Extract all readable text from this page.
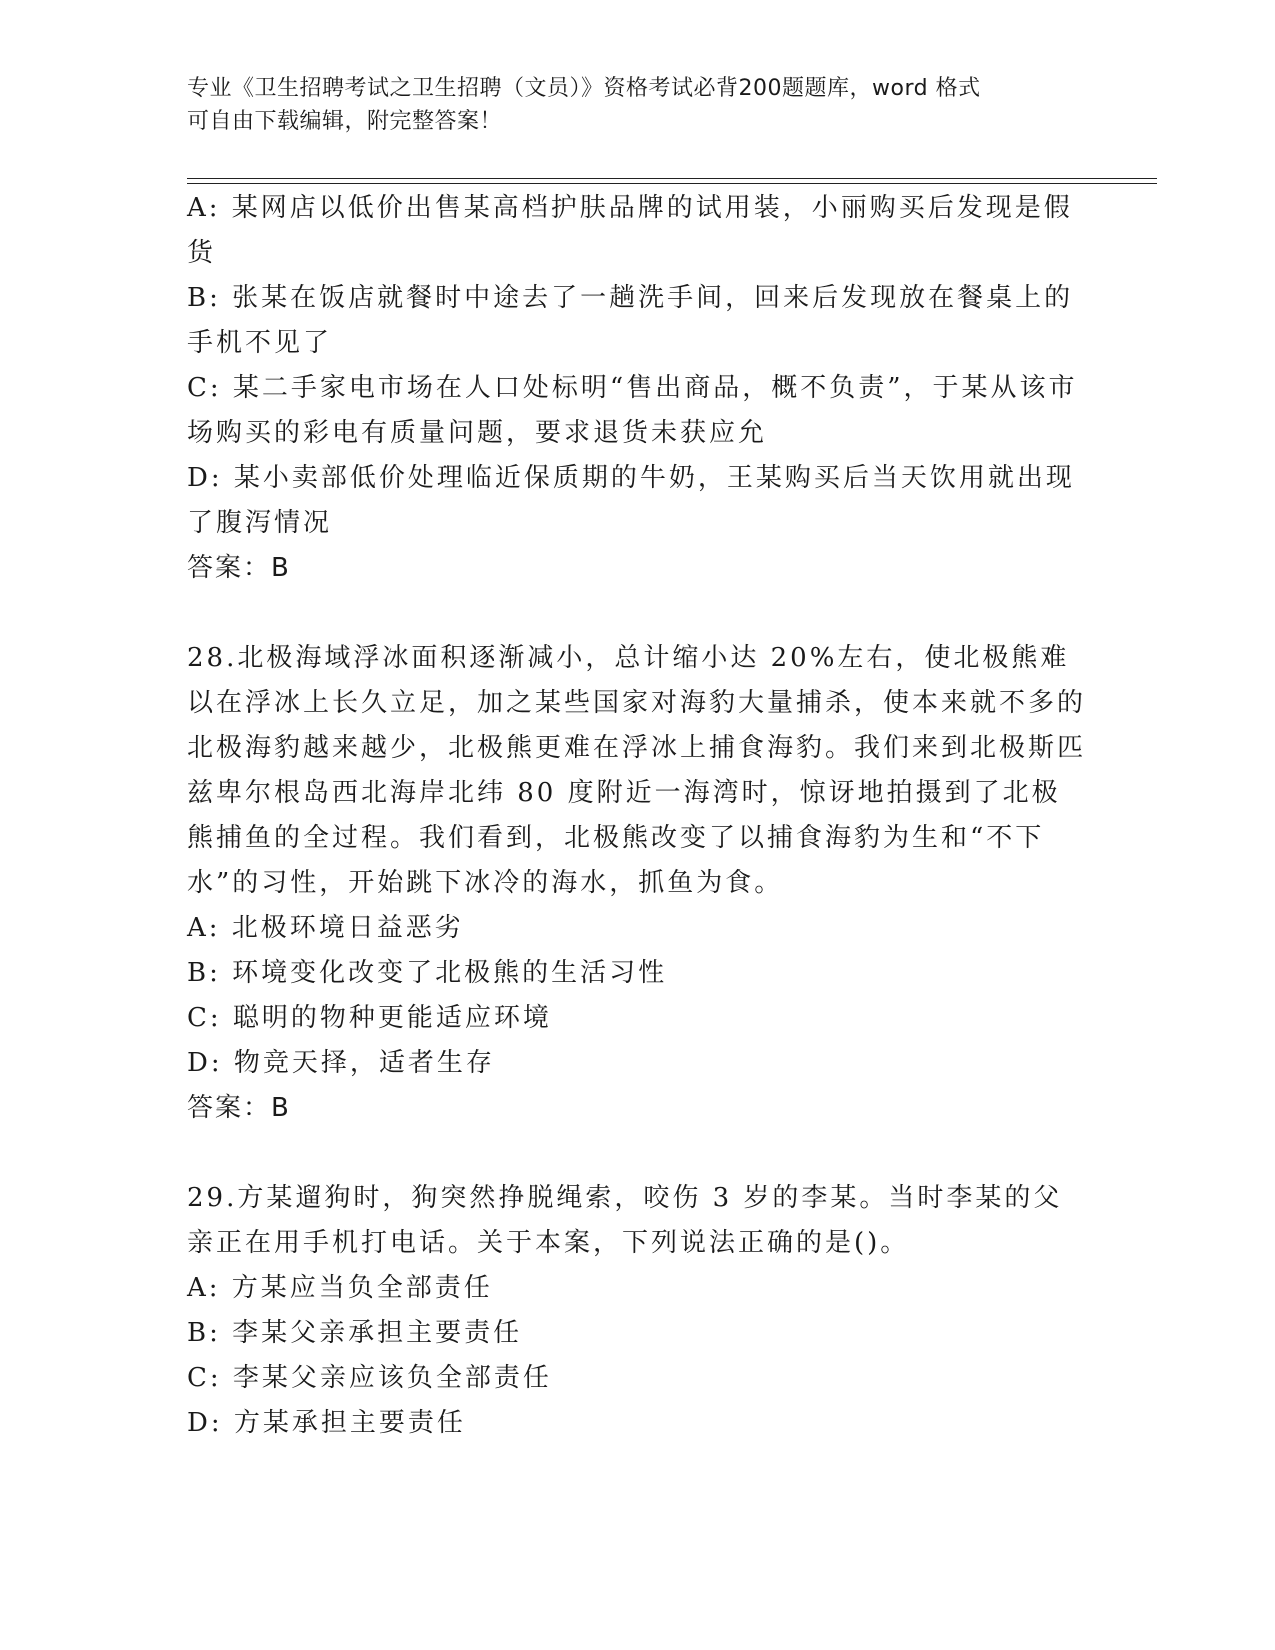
专业《卫生招聘考试之卫生招聘（文员）》资格考试必背200题题库，word 格式
可自由下载编辑，附完整答案！

A: 某网店以低价出售某高档护肤品牌的试用装，小丽购买后发现是假货

B: 张某在饭店就餐时中途去了一趟洗手间，回来后发现放在餐桌上的手机不见了

C: 某二手家电市场在人口处标明“售出商品，概不负责”，于某从该市场购买的彩电有质量问题，要求退货未获应允

D: 某小卖部低价处理临近保质期的牛奶，王某购买后当天饮用就出现了腹泻情况

答案：B

28.北极海域浮冰面积逐渐减小，总计缩小达 20%左右，使北极熊难以在浮冰上长久立足，加之某些国家对海豹大量捕杀，使本来就不多的北极海豹越来越少，北极熊更难在浮冰上捕食海豹。我们来到北极斯匹兹卑尔根岛西北海岸北纬 80 度附近一海湾时，惊讶地拍摄到了北极熊捕鱼的全过程。我们看到，北极熊改变了以捕食海豹为生和“不下水”的习性，开始跳下冰冷的海水，抓鱼为食。

A: 北极环境日益恶劣

B: 环境变化改变了北极熊的生活习性

C: 聪明的物种更能适应环境

D: 物竞天择，适者生存

答案：B

29.方某遛狗时，狗突然挣脱绳索，咬伤 3 岁的李某。当时李某的父亲正在用手机打电话。关于本案，下列说法正确的是()。

A: 方某应当负全部责任

B: 李某父亲承担主要责任

C: 李某父亲应该负全部责任

D: 方某承担主要责任
